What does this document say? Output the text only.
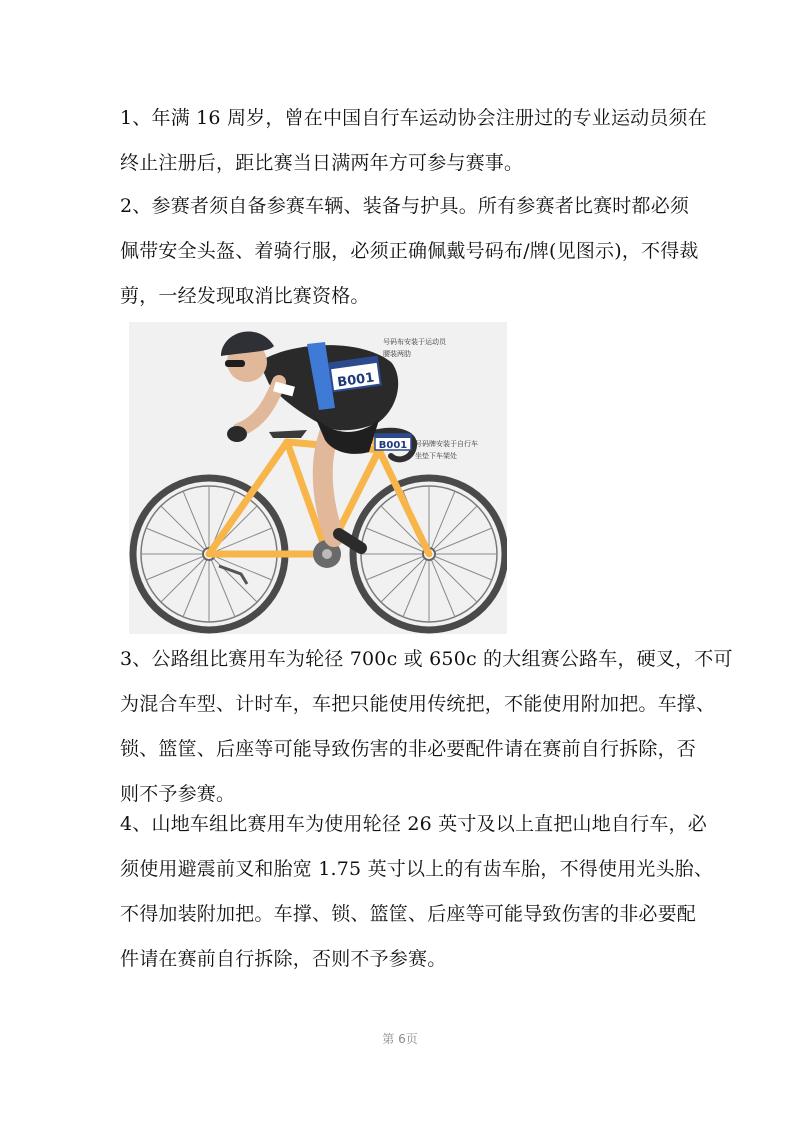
1、年满 16 周岁，曾在中国自行车运动协会注册过的专业运动员须在
终止注册后，距比赛当日满两年方可参与赛事。
2、参赛者须自备参赛车辆、装备与护具。所有参赛者比赛时都必须
佩带安全头盔、着骑行服，必须正确佩戴号码布/牌(见图示)，不得裁
剪，一经发现取消比赛资格。
B001
B001
号码布安装于运动员
腰装两肋
号码牌安装于自行车
坐垫下车架处
3、公路组比赛用车为轮径 700c 或 650c 的大组赛公路车，硬叉，不可
为混合车型、计时车，车把只能使用传统把，不能使用附加把。车撑、
锁、篮筐、后座等可能导致伤害的非必要配件请在赛前自行拆除，否
则不予参赛。
4、山地车组比赛用车为使用轮径 26 英寸及以上直把山地自行车，必
须使用避震前叉和胎宽 1.75 英寸以上的有齿车胎，不得使用光头胎、
不得加装附加把。车撑、锁、篮筐、后座等可能导致伤害的非必要配
件请在赛前自行拆除，否则不予参赛。
第 6页
